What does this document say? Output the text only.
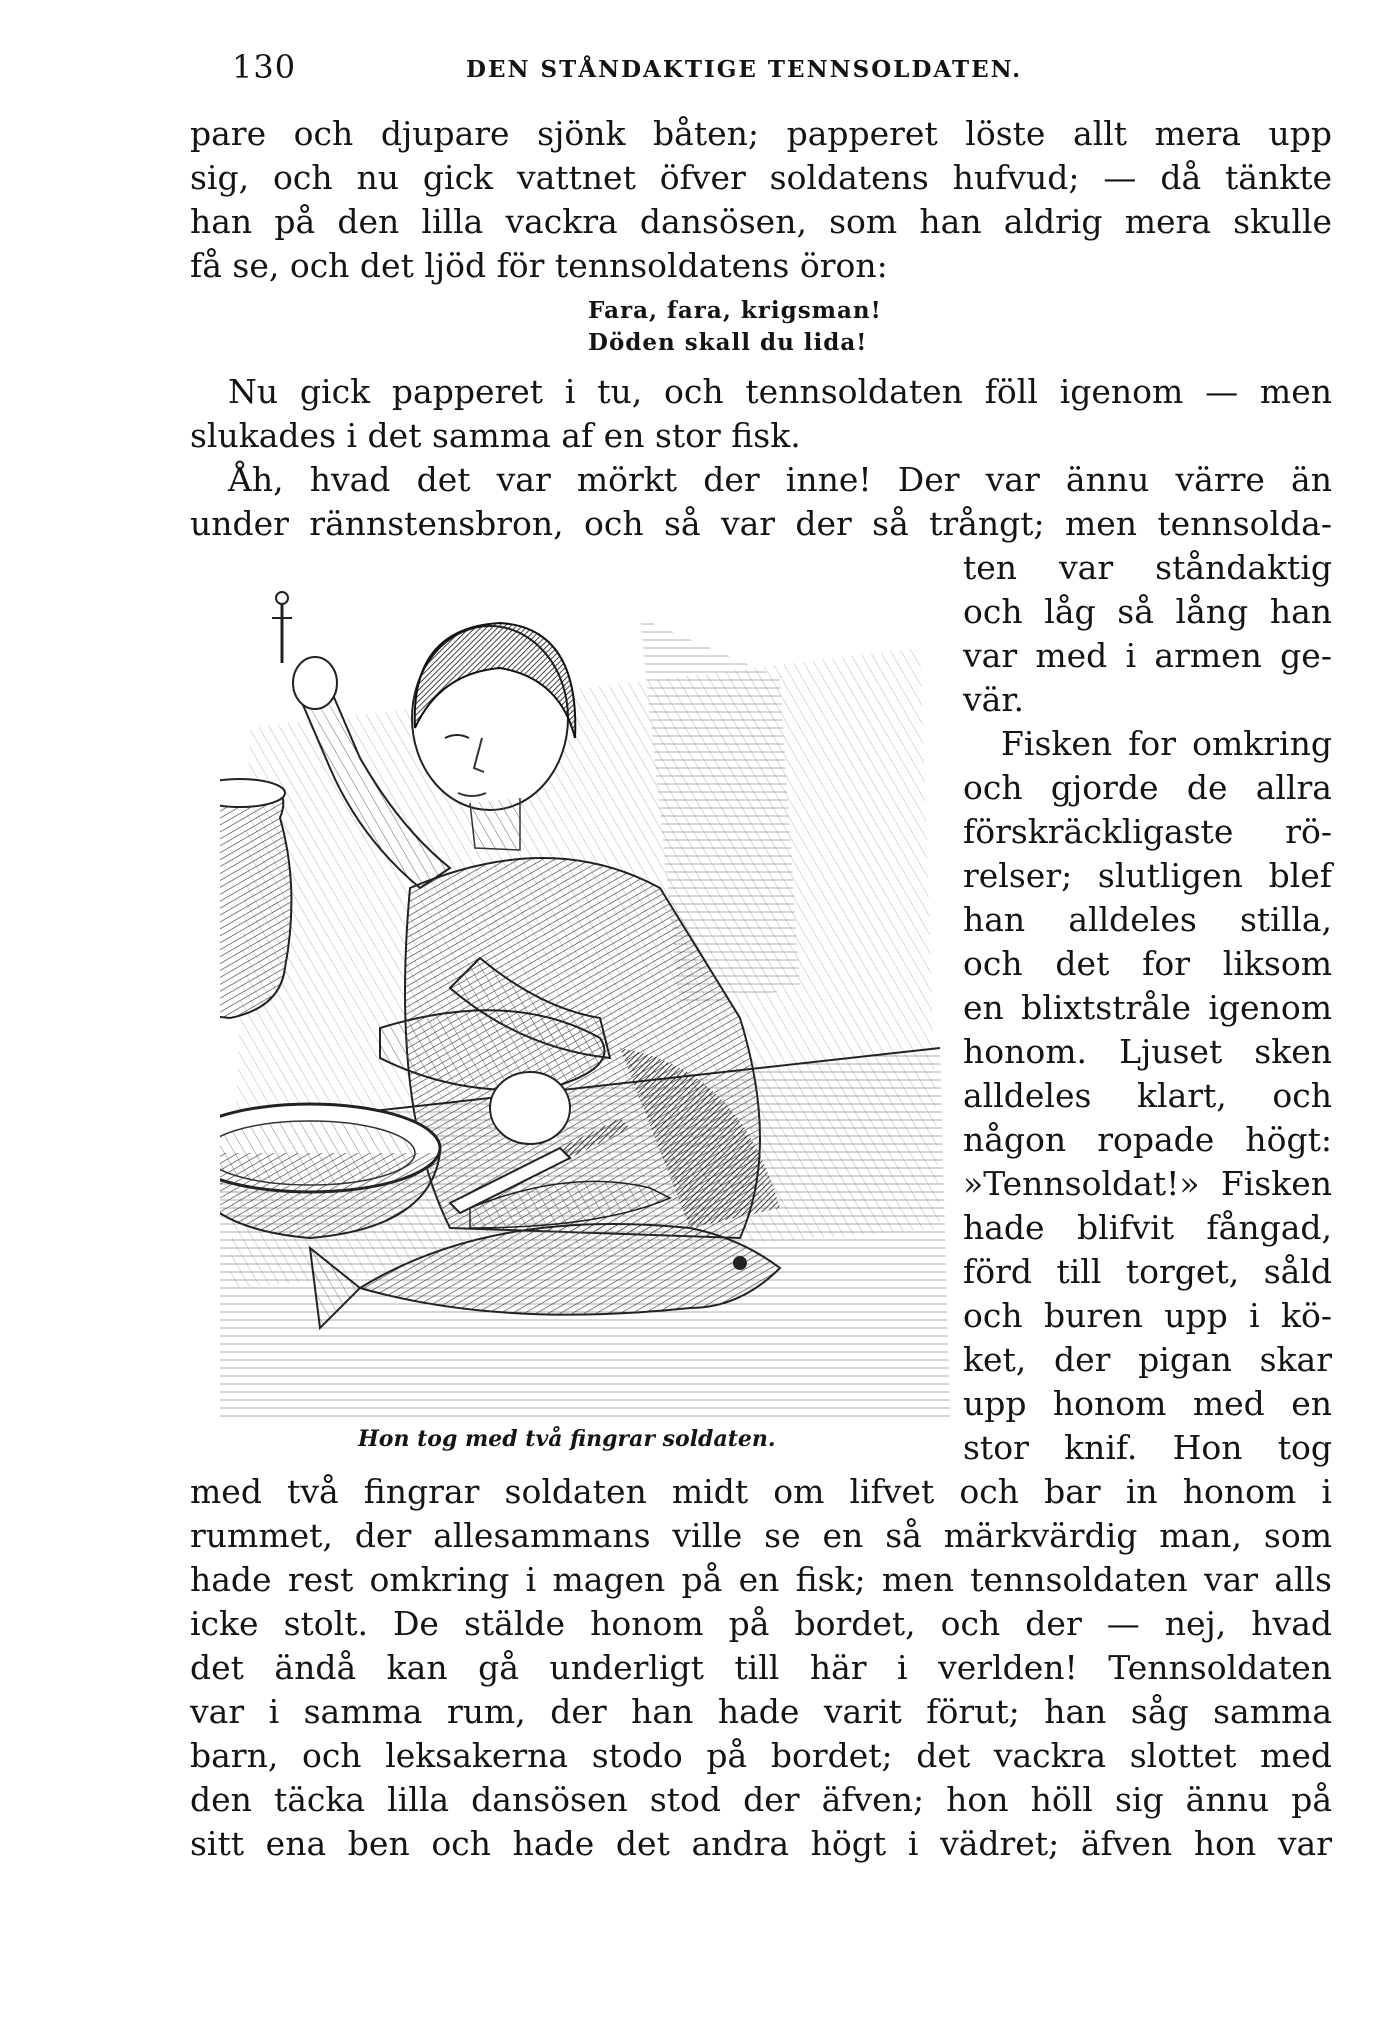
130	DEN STÅNDAKTIGE TENNSOLDATEN.
pare och djupare sjönk båten; papperet löste allt mera upp
sig, och nu gick vattnet öfver soldatens hufvud; — då tänkte
han på den lilla vackra dansösen, som han aldrig mera skulle
få se, och det ljöd för tennsoldatens öron:
Fara, fara, krigsman!
Döden skall du lida!
Nu gick papperet i tu, och tennsoldaten föll igenom — men
slukades i det samma af en stor fisk.
Åh, hvad det var mörkt der inne! Der var ännu värre än
under rännstensbron, och så var der så trångt; men tennsolda-
ten var ståndaktig
och låg så lång han
var med i armen ge-
vär.
Fisken for omkring
och gjorde de allra
förskräckligaste rö-
relser; slutligen blef
han alldeles stilla,
och det for liksom
en blixtstråle igenom
honom. Ljuset sken
alldeles klart, och
någon ropade högt:
»Tennsoldat!» Fisken
hade blifvit fångad,
förd till torget, såld
och buren upp i kö-
ket, der pigan skar
upp honom med en
stor knif. Hon tog
Hon tog med två fingrar soldaten.
med två fingrar soldaten midt om lifvet och bar in honom i
rummet, der allesammans ville se en så märkvärdig man, som
hade rest omkring i magen på en fisk; men tennsoldaten var alls
icke stolt. De stälde honom på bordet, och der — nej, hvad
det ändå kan gå underligt till här i verlden! Tennsoldaten
var i samma rum, der han hade varit förut; han såg samma
barn, och leksakerna stodo på bordet; det vackra slottet med
den täcka lilla dansösen stod der äfven; hon höll sig ännu på
sitt ena ben och hade det andra högt i vädret; äfven hon var
